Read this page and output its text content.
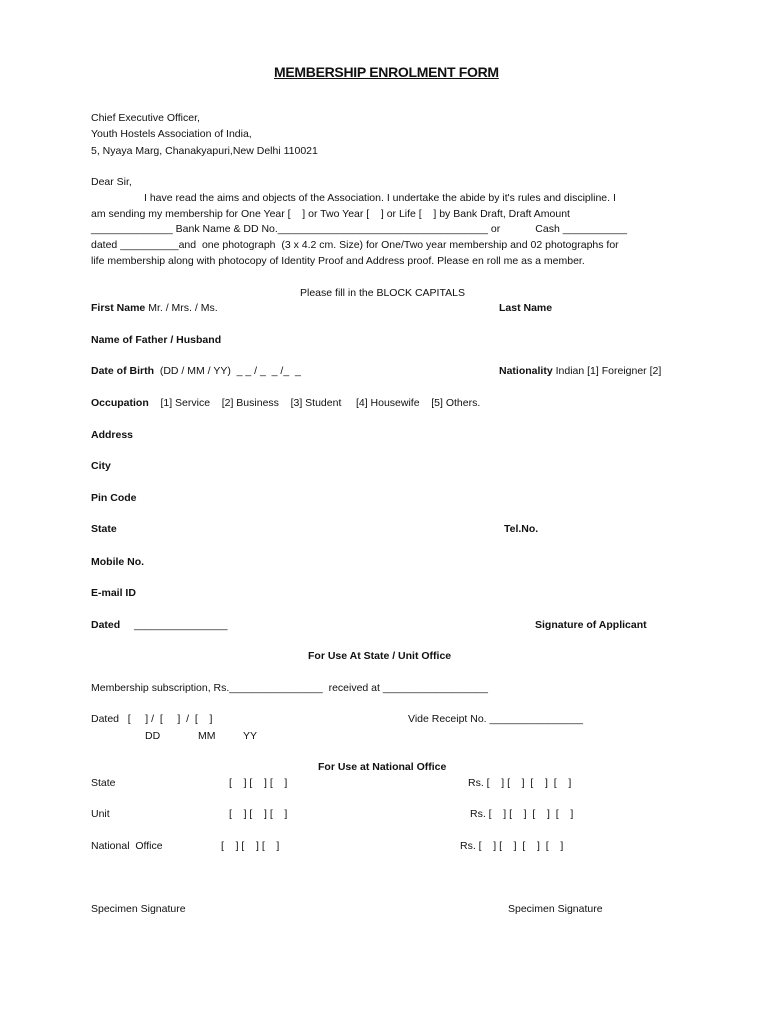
MEMBERSHIP ENROLMENT FORM
Chief Executive Officer,
Youth Hostels Association of India,
5, Nyaya Marg, Chanakyapuri,New Delhi 110021
Dear Sir,
I have read the aims and objects of the Association. I undertake the abide by it's rules and discipline. I
am sending my membership for One Year [    ] or Two Year [    ] or Life [    ] by Bank Draft, Draft Amount
______________ Bank Name & DD No.____________________________________ or            Cash ___________
dated __________and  one photograph  (3 x 4.2 cm. Size) for One/Two year membership and 02 photographs for
life membership along with photocopy of Identity Proof and Address proof. Please en roll me as a member.
Please fill in the BLOCK CAPITALS
First Name Mr. / Mrs. / Ms.	Last Name
Name of Father / Husband
Date of Birth (DD / MM / YY)  _ _ / _  _ /_  _	Nationality Indian [1] Foreigner [2]
Occupation [1] Service    [2] Business    [3] Student     [4] Housewife    [5] Others.
Address
City
Pin Code
State	Tel.No.
Mobile No.
E-mail ID
Dated ________________	Signature of Applicant
For Use At State / Unit Office
Membership subscription, Rs.________________  received at __________________
Dated   [     ] /  [     ]  /  [    ]	Vide Receipt No. ________________
DD	MM	YY
For Use at National Office
State	[    ] [    ] [    ]	Rs. [    ] [    ]  [    ]  [    ]
Unit	[    ] [    ] [    ]	Rs. [    ] [    ]  [    ]  [    ]
National  Office	[    ] [    ] [    ]	Rs. [    ] [    ]  [    ]  [    ]
Specimen Signature	Specimen Signature
